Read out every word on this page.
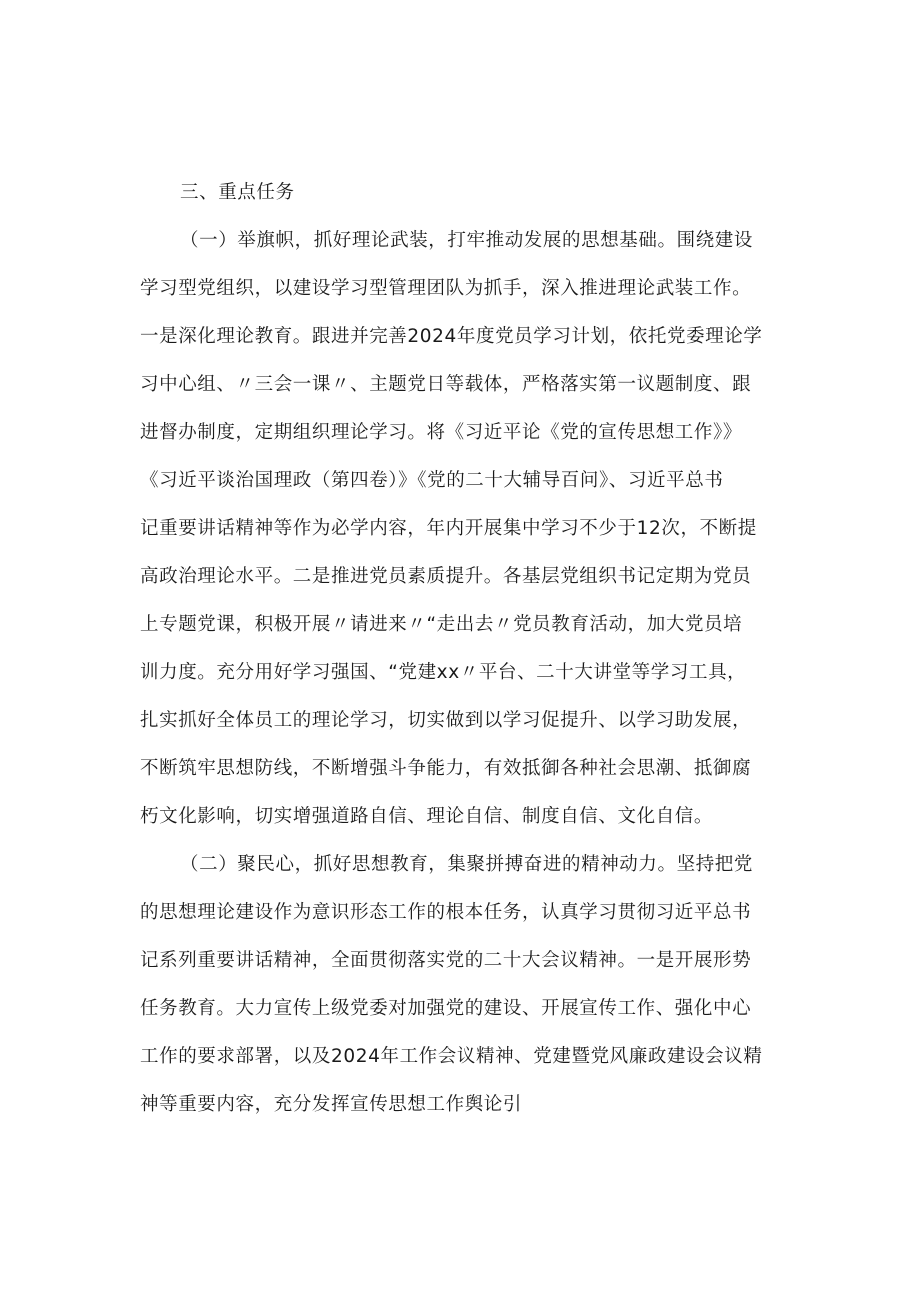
三、重点任务
（一）举旗帜，抓好理论武装，打牢推动发展的思想基础。围绕建设
学习型党组织，以建设学习型管理团队为抓手，深入推进理论武装工作。
一是深化理论教育。跟进并完善2024年度党员学习计划，依托党委理论学
习中心组、〃三会一课〃、主题党日等载体，严格落实第一议题制度、跟
进督办制度，定期组织理论学习。将《习近平论《党的宣传思想工作》》
《习近平谈治国理政（第四卷）》《党的二十大辅导百问》、习近平总书
记重要讲话精神等作为必学内容，年内开展集中学习不少于12次，不断提
高政治理论水平。二是推进党员素质提升。各基层党组织书记定期为党员
上专题党课，积极开展〃请进来〃“走出去〃党员教育活动，加大党员培
训力度。充分用好学习强国、“党建xx〃平台、二十大讲堂等学习工具，
扎实抓好全体员工的理论学习，切实做到以学习促提升、以学习助发展，
不断筑牢思想防线，不断增强斗争能力，有效抵御各种社会思潮、抵御腐
朽文化影响，切实增强道路自信、理论自信、制度自信、文化自信。
（二）聚民心，抓好思想教育，集聚拼搏奋进的精神动力。坚持把党
的思想理论建设作为意识形态工作的根本任务，认真学习贯彻习近平总书
记系列重要讲话精神，全面贯彻落实党的二十大会议精神。一是开展形势
任务教育。大力宣传上级党委对加强党的建设、开展宣传工作、强化中心
工作的要求部署，以及2024年工作会议精神、党建暨党风廉政建设会议精
神等重要内容，充分发挥宣传思想工作舆论引
